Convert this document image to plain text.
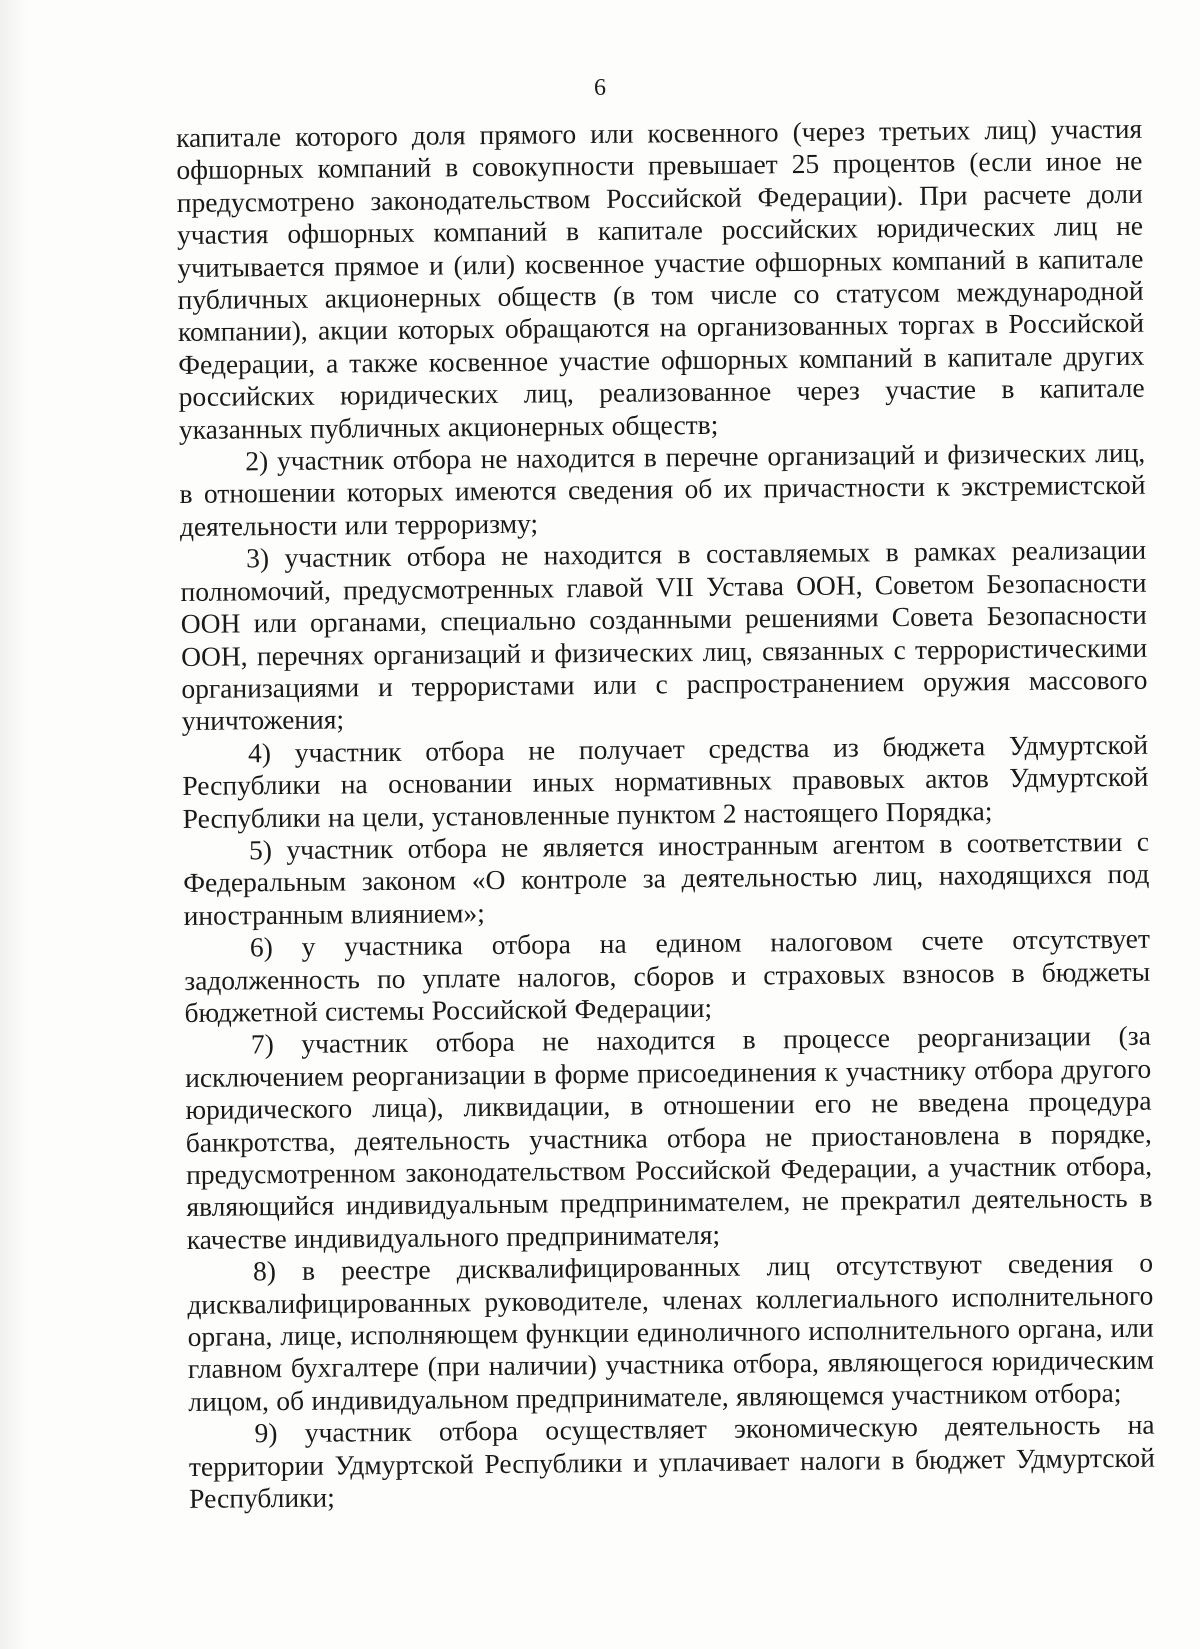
6

капитале которого доля прямого или косвенного (через третьих лиц) участия офшорных компаний в совокупности превышает 25 процентов (если иное не предусмотрено законодательством Российской Федерации). При расчете доли участия офшорных компаний в капитале российских юридических лиц не учитывается прямое и (или) косвенное участие офшорных компаний в капитале публичных акционерных обществ (в том числе со статусом международной компании), акции которых обращаются на организованных торгах в Российской Федерации, а также косвенное участие офшорных компаний в капитале других российских юридических лиц, реализованное через участие в капитале указанных публичных акционерных обществ;

2) участник отбора не находится в перечне организаций и физических лиц, в отношении которых имеются сведения об их причастности к экстремистской деятельности или терроризму;

3) участник отбора не находится в составляемых в рамках реализации полномочий, предусмотренных главой VII Устава ООН, Советом Безопасности ООН или органами, специально созданными решениями Совета Безопасности ООН, перечнях организаций и физических лиц, связанных с террористическими организациями и террористами или с распространением оружия массового уничтожения;

4) участник отбора не получает средства из бюджета Удмуртской Республики на основании иных нормативных правовых актов Удмуртской Республики на цели, установленные пунктом 2 настоящего Порядка;

5) участник отбора не является иностранным агентом в соответствии с Федеральным законом «О контроле за деятельностью лиц, находящихся под иностранным влиянием»;

6) у участника отбора на едином налоговом счете отсутствует задолженность по уплате налогов, сборов и страховых взносов в бюджеты бюджетной системы Российской Федерации;

7) участник отбора не находится в процессе реорганизации (за исключением реорганизации в форме присоединения к участнику отбора другого юридического лица), ликвидации, в отношении его не введена процедура банкротства, деятельность участника отбора не приостановлена в порядке, предусмотренном законодательством Российской Федерации, а участник отбора, являющийся индивидуальным предпринимателем, не прекратил деятельность в качестве индивидуального предпринимателя;

8) в реестре дисквалифицированных лиц отсутствуют сведения о дисквалифицированных руководителе, членах коллегиального исполнительного органа, лице, исполняющем функции единоличного исполнительного органа, или главном бухгалтере (при наличии) участника отбора, являющегося юридическим лицом, об индивидуальном предпринимателе, являющемся участником отбора;

9) участник отбора осуществляет экономическую деятельность на территории Удмуртской Республики и уплачивает налоги в бюджет Удмуртской Республики;
